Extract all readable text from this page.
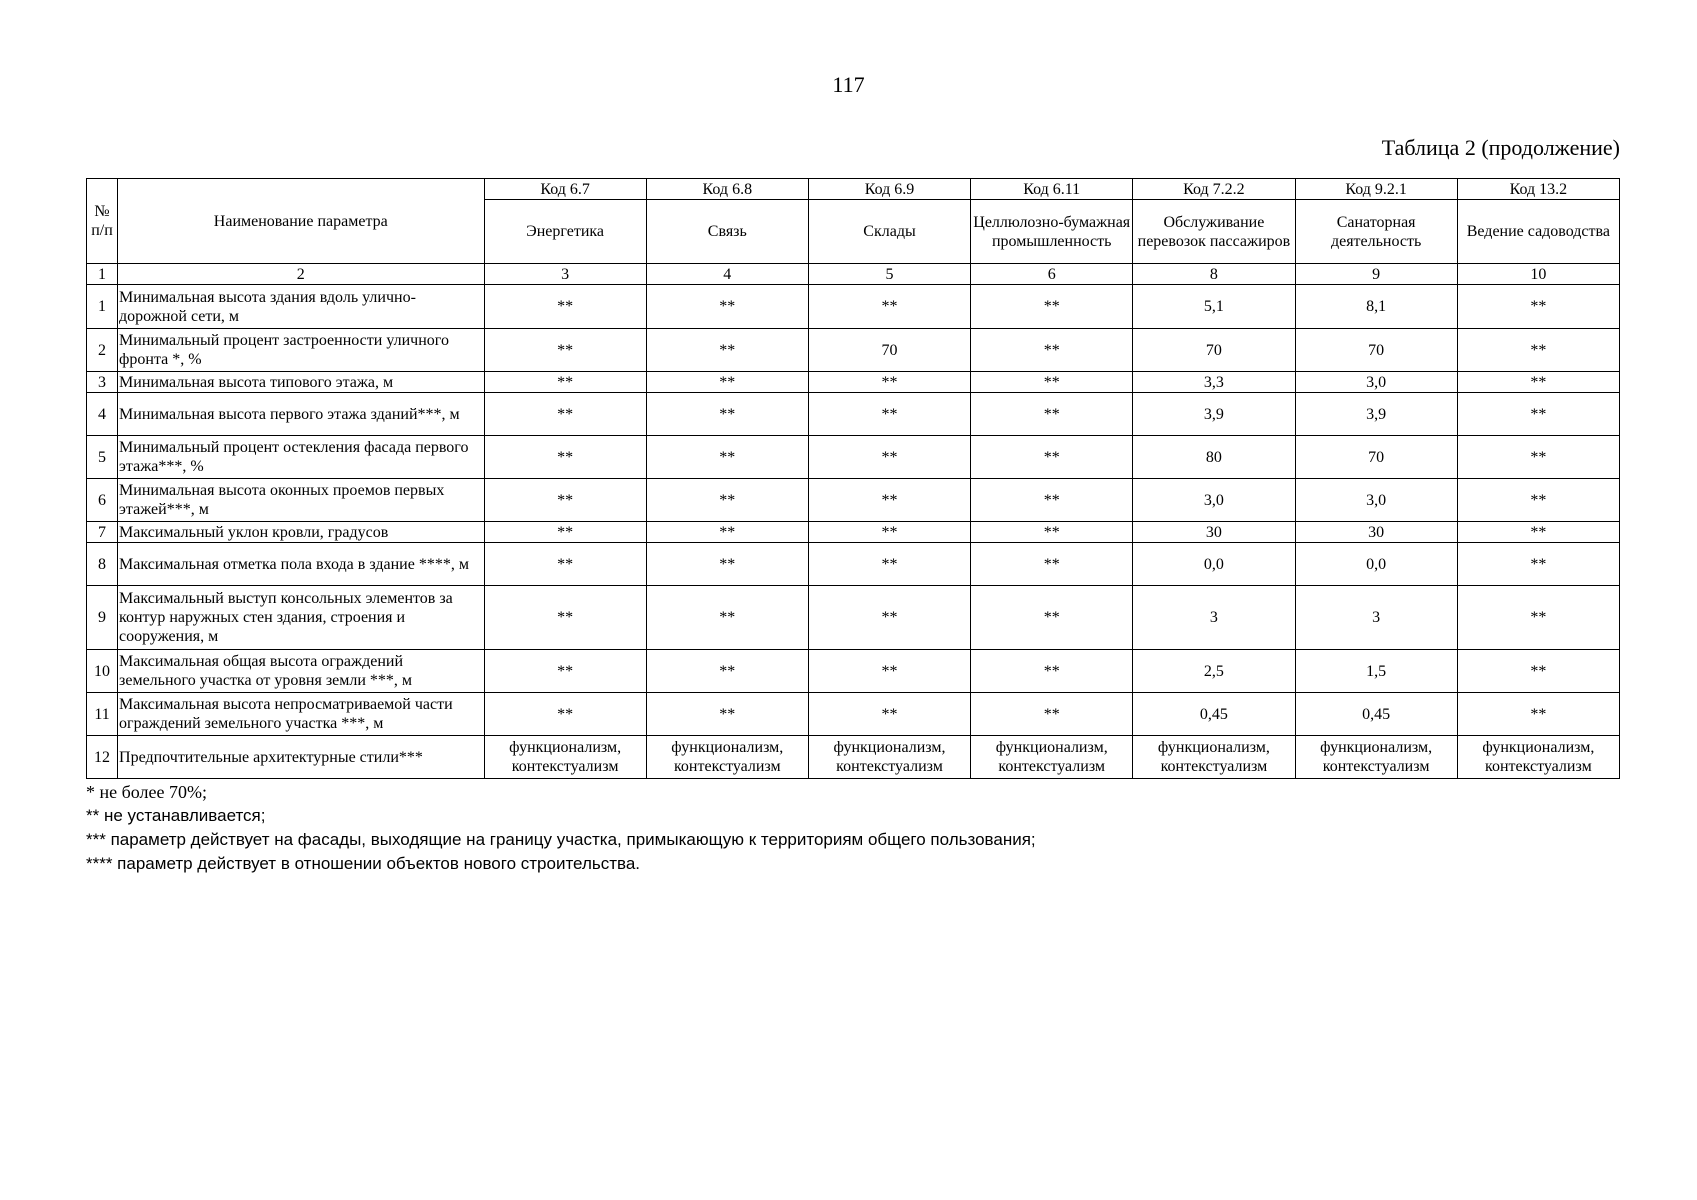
117
Таблица 2 (продолжение)
№ п/п	Наименование параметра	Код 6.7	Код 6.8	Код 6.9	Код 6.11	Код 7.2.2	Код 9.2.1	Код 13.2
		Энергетика	Связь	Склады	Целлюлозно-бумажная промышленность	Обслуживание перевозок пассажиров	Санаторная деятельность	Ведение садоводства
1	2	3	4	5	6	8	9	10
1	Минимальная высота здания вдоль улично-дорожной сети, м	**	**	**	**	5,1	8,1	**
2	Минимальный процент застроенности уличного фронта *, %	**	**	70	**	70	70	**
3	Минимальная высота типового этажа, м	**	**	**	**	3,3	3,0	**
4	Минимальная высота первого этажа зданий***, м	**	**	**	**	3,9	3,9	**
5	Минимальный процент остекления фасада первого этажа***, %	**	**	**	**	80	70	**
6	Минимальная высота оконных проемов первых этажей***, м	**	**	**	**	3,0	3,0	**
7	Максимальный уклон кровли, градусов	**	**	**	**	30	30	**
8	Максимальная отметка пола входа в здание ****, м	**	**	**	**	0,0	0,0	**
9	Максимальный выступ консольных элементов за контур наружных стен здания, строения и сооружения, м	**	**	**	**	3	3	**
10	Максимальная общая высота ограждений земельного участка от уровня земли ***, м	**	**	**	**	2,5	1,5	**
11	Максимальная высота непросматриваемой части ограждений земельного участка ***, м	**	**	**	**	0,45	0,45	**
12	Предпочтительные архитектурные стили***	функционализм, контекстуализм	функционализм, контекстуализм	функционализм, контекстуализм	функционализм, контекстуализм	функционализм, контекстуализм	функционализм, контекстуализм	функционализм, контекстуализм
* не более 70%;
** не устанавливается;
*** параметр действует на фасады, выходящие на границу участка, примыкающую к территориям общего пользования;
**** параметр действует в отношении объектов нового строительства.
